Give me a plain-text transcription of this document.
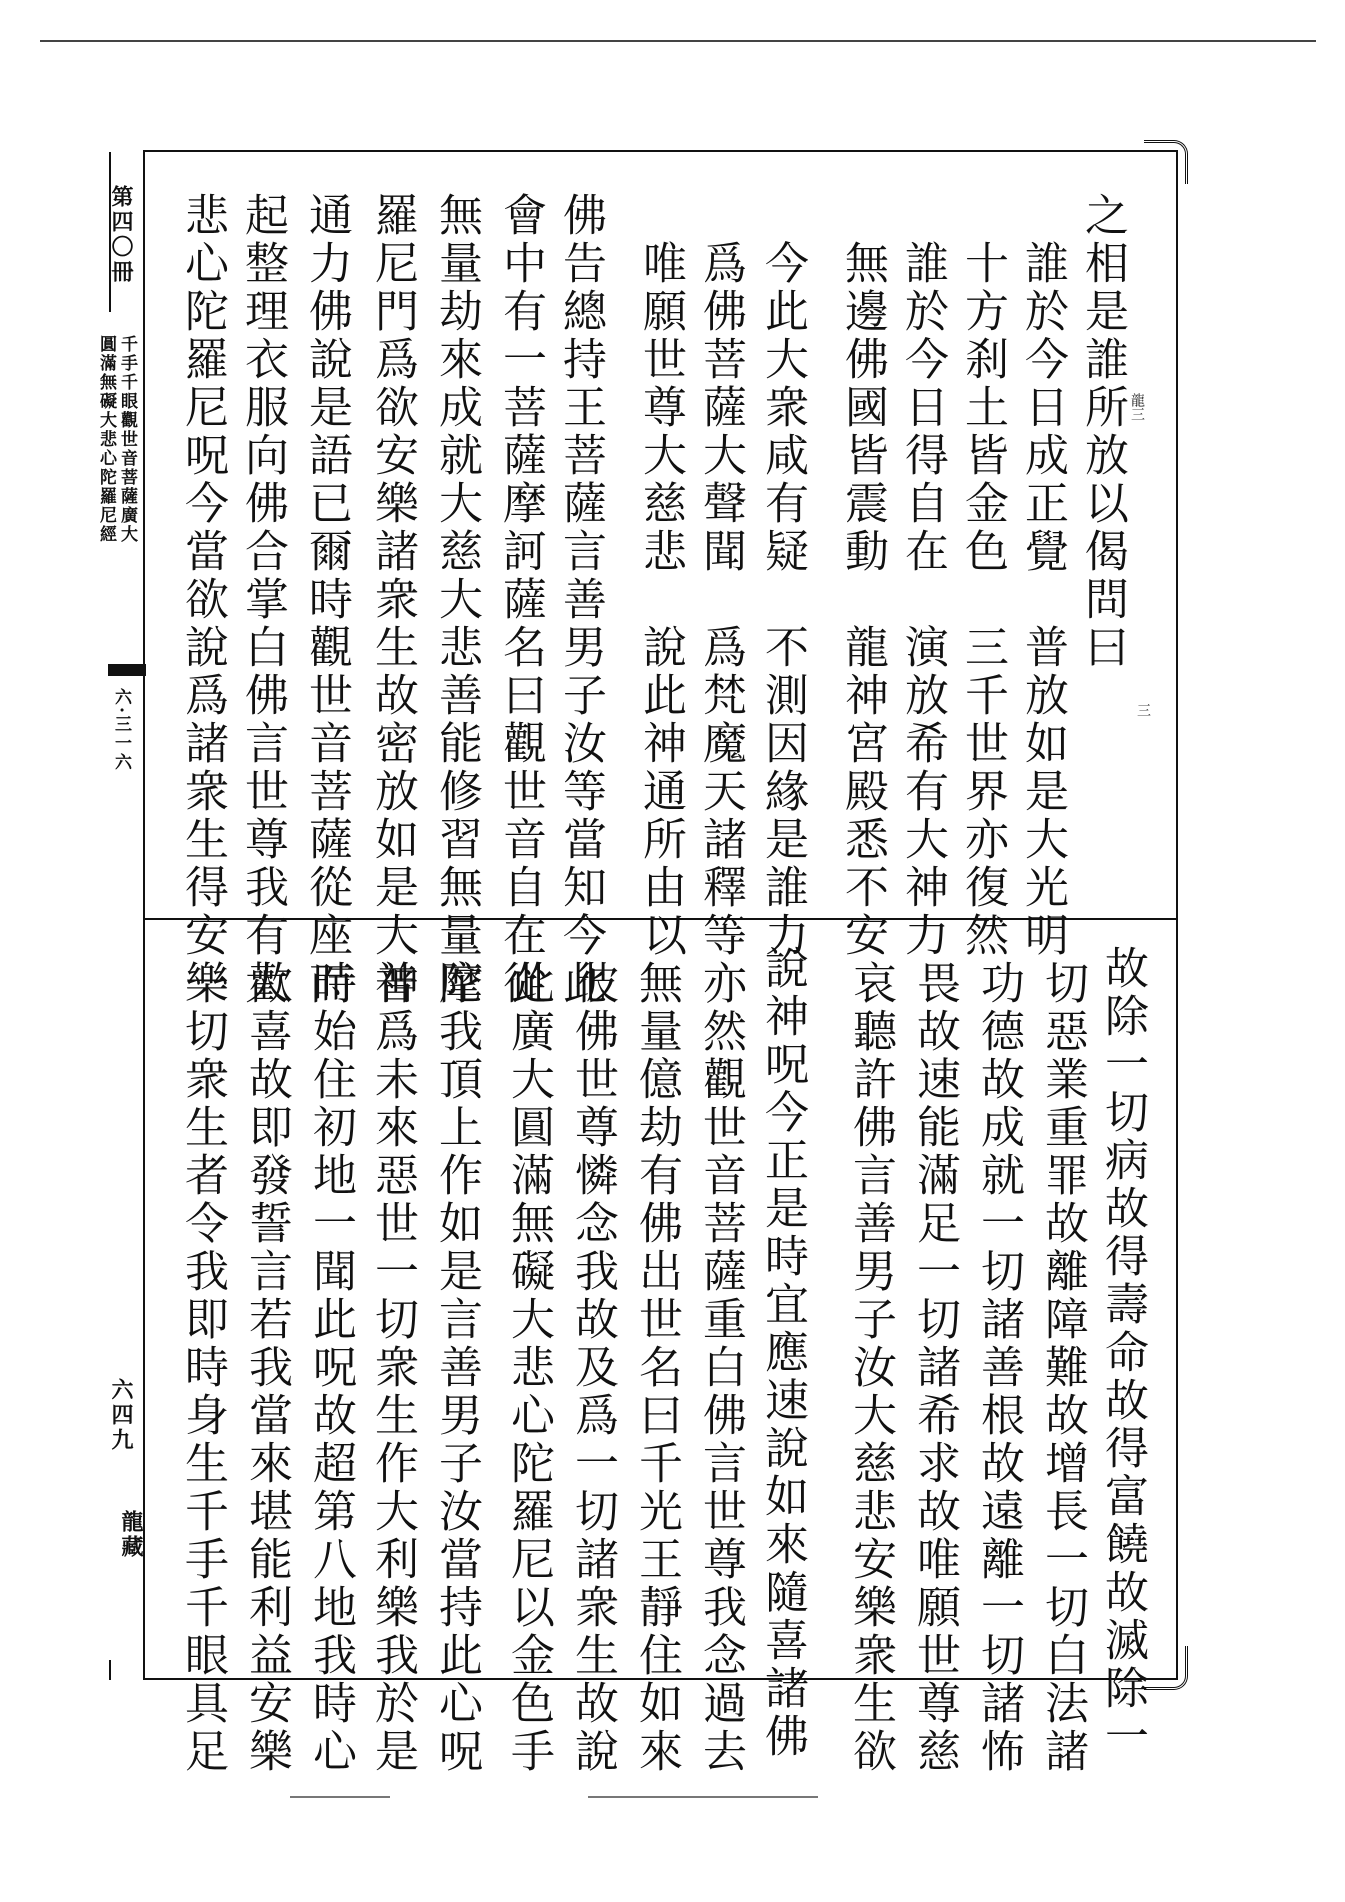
第四〇冊
千手千眼觀世音菩薩廣大
圓滿無礙大悲心陀羅尼經
六·三一六
六四九
龍藏
龍三
三
之相是誰所放以偈問曰
誰於今日成正覺　普放如是大光明
十方刹土皆金色　三千世界亦復然
誰於今日得自在　演放希有大神力
無邊佛國皆震動　龍神宮殿悉不安
今此大衆咸有疑　不測因緣是誰力
爲佛菩薩大聲聞　爲梵魔天諸釋等
唯願世尊大慈悲　說此神通所由以
佛告總持王菩薩言善男子汝等當知今此
會中有一菩薩摩訶薩名曰觀世音自在從
無量劫來成就大慈大悲善能修習無量陀
羅尼門爲欲安樂諸衆生故密放如是大神
通力佛說是語已爾時觀世音菩薩從座而
起整理衣服向佛合掌白佛言世尊我有大
悲心陀羅尼呪今當欲說爲諸衆生得安樂
故除一切病故得壽命故得富饒故滅除一
切惡業重罪故離障難故增長一切白法諸
功德故成就一切諸善根故遠離一切諸怖
畏故速能滿足一切諸希求故唯願世尊慈
哀聽許佛言善男子汝大慈悲安樂衆生欲
說神呪今正是時宜應速說如來隨喜諸佛
亦然觀世音菩薩重白佛言世尊我念過去
無量億劫有佛出世名曰千光王靜住如來
彼佛世尊憐念我故及爲一切諸衆生故說
此廣大圓滿無礙大悲心陀羅尼以金色手
摩我頂上作如是言善男子汝當持此心呪
普爲未來惡世一切衆生作大利樂我於是
時始住初地一聞此呪故超第八地我時心
歡喜故即發誓言若我當來堪能利益安樂
一切衆生者令我即時身生千手千眼具足
